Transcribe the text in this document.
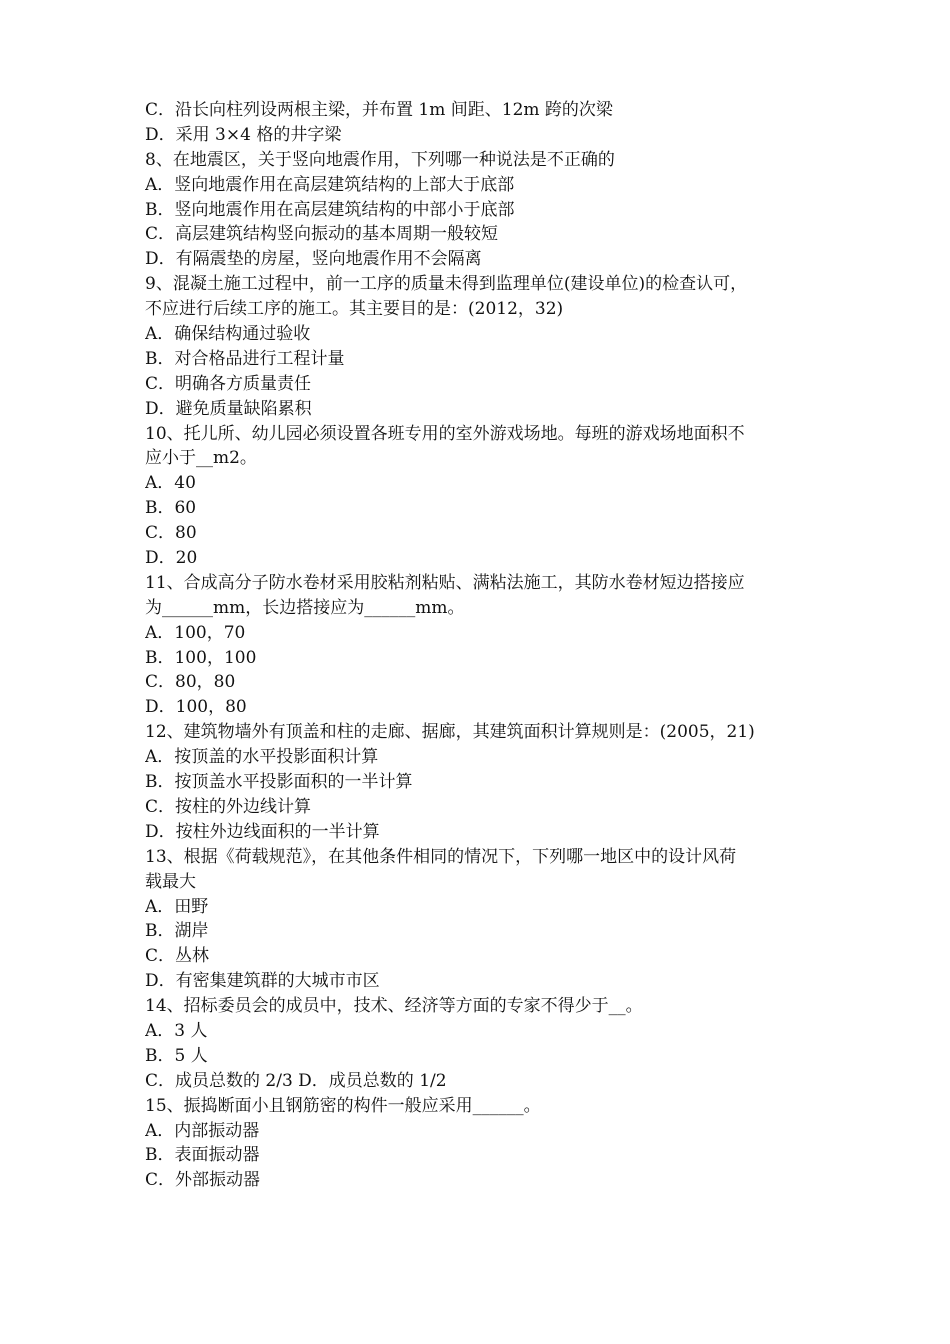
C．沿长向柱列设两根主梁，并布置 1m 间距、12m 跨的次梁
D．采用 3×4 格的井字梁
8、在地震区，关于竖向地震作用，下列哪一种说法是不正确的
A．竖向地震作用在高层建筑结构的上部大于底部
B．竖向地震作用在高层建筑结构的中部小于底部
C．高层建筑结构竖向振动的基本周期一般较短
D．有隔震垫的房屋，竖向地震作用不会隔离
9、混凝土施工过程中，前一工序的质量未得到监理单位(建设单位)的检查认可，
不应进行后续工序的施工。其主要目的是：(2012，32)
A．确保结构通过验收
B．对合格品进行工程计量
C．明确各方质量责任
D．避免质量缺陷累积
10、托儿所、幼儿园必须设置各班专用的室外游戏场地。每班的游戏场地面积不
应小于__m2。
A．40
B．60
C．80
D．20
11、合成高分子防水卷材采用胶粘剂粘贴、满粘法施工，其防水卷材短边搭接应
为______mm，长边搭接应为______mm。
A．100，70
B．100，100
C．80，80
D．100，80
12、建筑物墙外有顶盖和柱的走廊、据廊，其建筑面积计算规则是：(2005，21)
A．按顶盖的水平投影面积计算
B．按顶盖水平投影面积的一半计算
C．按柱的外边线计算
D．按柱外边线面积的一半计算
13、根据《荷载规范》，在其他条件相同的情况下，下列哪一地区中的设计风荷
载最大
A．田野
B．湖岸
C．丛林
D．有密集建筑群的大城市市区
14、招标委员会的成员中，技术、经济等方面的专家不得少于__。
A．3 人
B．5 人
C．成员总数的 2/3 D．成员总数的 1/2
15、振捣断面小且钢筋密的构件一般应采用______。
A．内部振动器
B．表面振动器
C．外部振动器
